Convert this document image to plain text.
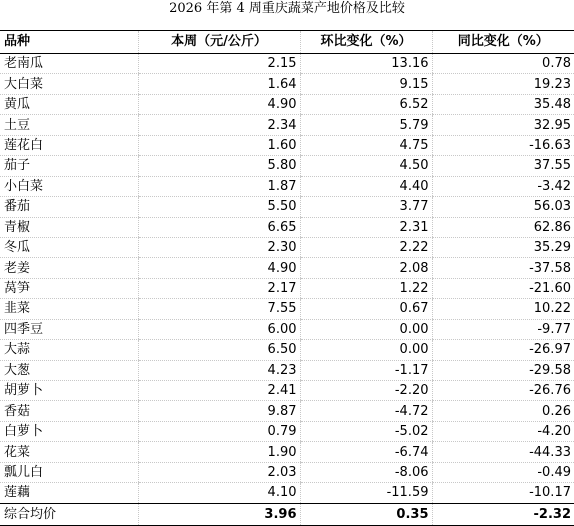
2026 年第 4 周重庆蔬菜产地价格及比较
品种	本周（元/公斤）	环比变化（%）	同比变化（%）
老南瓜	2.15	13.16	0.78
大白菜	1.64	9.15	19.23
黄瓜	4.90	6.52	35.48
土豆	2.34	5.79	32.95
莲花白	1.60	4.75	-16.63
茄子	5.80	4.50	37.55
小白菜	1.87	4.40	-3.42
番茄	5.50	3.77	56.03
青椒	6.65	2.31	62.86
冬瓜	2.30	2.22	35.29
老姜	4.90	2.08	-37.58
莴笋	2.17	1.22	-21.60
韭菜	7.55	0.67	10.22
四季豆	6.00	0.00	-9.77
大蒜	6.50	0.00	-26.97
大葱	4.23	-1.17	-29.58
胡萝卜	2.41	-2.20	-26.76
香菇	9.87	-4.72	0.26
白萝卜	0.79	-5.02	-4.20
花菜	1.90	-6.74	-44.33
瓢儿白	2.03	-8.06	-0.49
莲藕	4.10	-11.59	-10.17
综合均价	3.96	0.35	-2.32
